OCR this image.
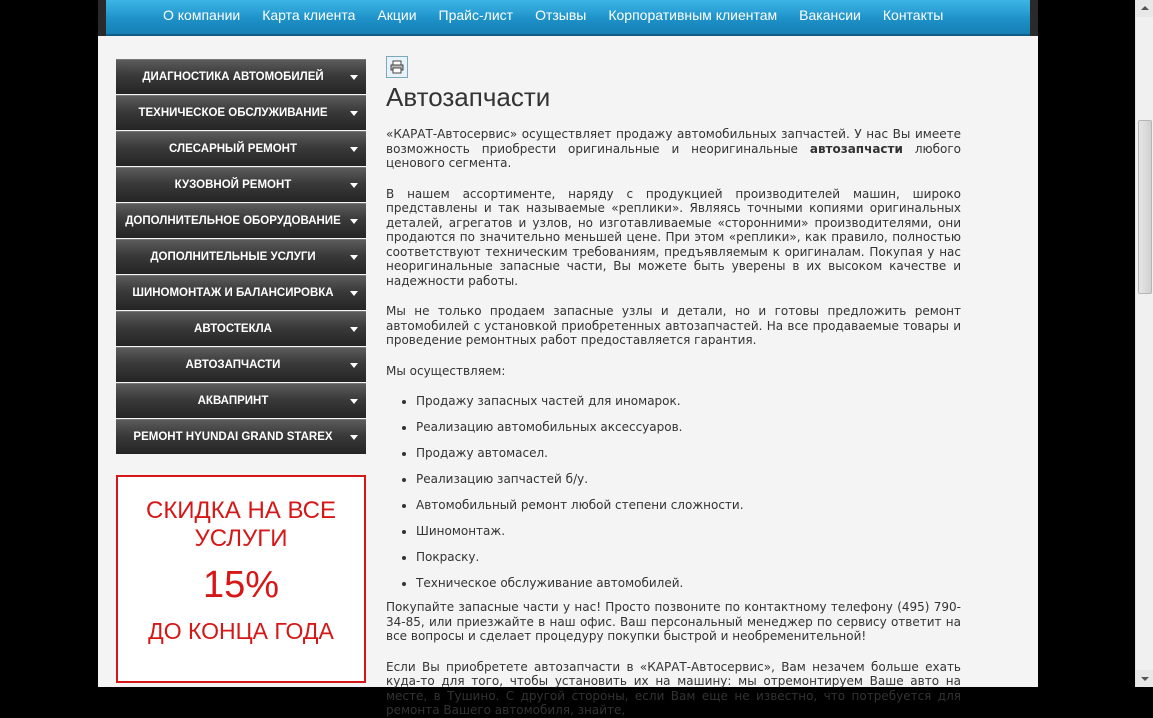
О компании	Карта клиента	Акции	Прайс-лист	Отзывы	Корпоративным клиентам	Вакансии	Контакты
ДИАГНОСТИКА АВТОМОБИЛЕЙ
ТЕХНИЧЕСКОЕ ОБСЛУЖИВАНИЕ
СЛЕСАРНЫЙ РЕМОНТ
КУЗОВНОЙ РЕМОНТ
ДОПОЛНИТЕЛЬНОЕ ОБОРУДОВАНИЕ
ДОПОЛНИТЕЛЬНЫЕ УСЛУГИ
ШИНОМОНТАЖ И БАЛАНСИРОВКА
АВТОСТЕКЛА
АВТОЗАПЧАСТИ
АКВАПРИНТ
РЕМОНТ HYUNDAI GRAND STAREX
СКИДКА НА ВСЕ УСЛУГИ
15%
ДО КОНЦА ГОДА
Автозапчасти

«КАРАТ-Автосервис» осуществляет продажу автомобильных запчастей. У нас Вы имеете возможность приобрести оригинальные и неоригинальные автозапчасти любого ценового сегмента.

В нашем ассортименте, наряду с продукцией производителей машин, широко представлены и так называемые «реплики». Являясь точными копиями оригинальных деталей, агрегатов и узлов, но изготавливаемые «сторонними» производителями, они продаются по значительно меньшей цене. При этом «реплики», как правило, полностью соответствуют техническим требованиям, предъявляемым к оригиналам. Покупая у нас неоригинальные запасные части, Вы можете быть уверены в их высоком качестве и надежности работы.

Мы не только продаем запасные узлы и детали, но и готовы предложить ремонт автомобилей с установкой приобретенных автозапчастей. На все продаваемые товары и проведение ремонтных работ предоставляется гарантия.

Мы осуществляем:

• Продажу запасных частей для иномарок.
• Реализацию автомобильных аксессуаров.
• Продажу автомасел.
• Реализацию запчастей б/у.
• Автомобильный ремонт любой степени сложности.
• Шиномонтаж.
• Покраску.
• Техническое обслуживание автомобилей.

Покупайте запасные части у нас! Просто позвоните по контактному телефону (495) 790-34-85, или приезжайте в наш офис. Ваш персональный менеджер по сервису ответит на все вопросы и сделает процедуру покупки быстрой и необременительной!

Если Вы приобретете автозапчасти в «КАРАТ-Автосервис», Вам незачем больше ехать куда-то для того, чтобы установить их на машину: мы отремонтируем Ваше авто на месте, в Тушино. С другой стороны, если Вам еще не известно, что потребуется для ремонта Вашего автомобиля, знайте,
